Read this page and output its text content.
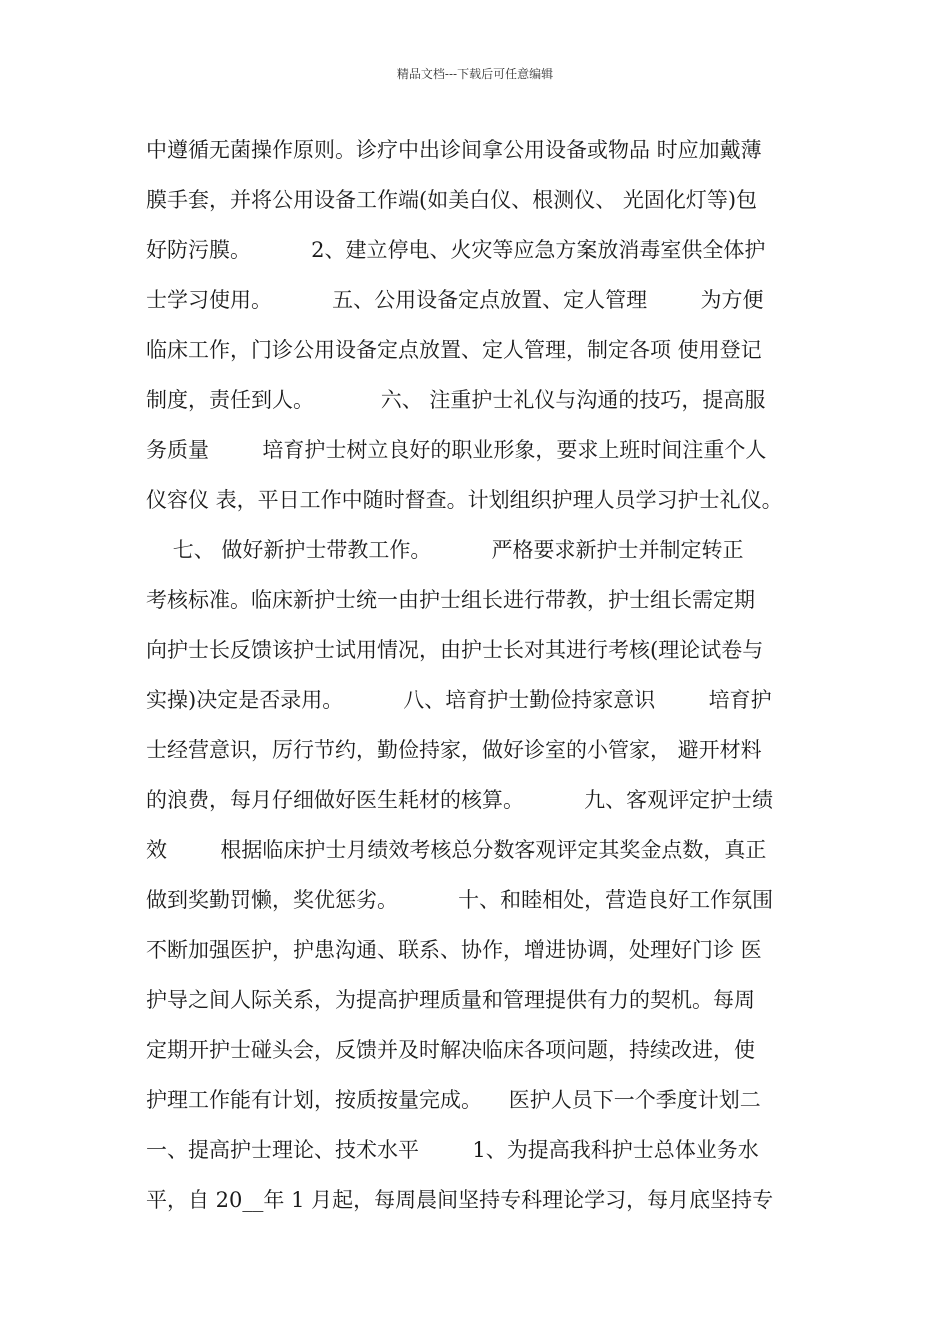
精品文档---下载后可任意编辑
中遵循无菌操作原则。诊疗中出诊间拿公用设备或物品 时应加戴薄
膜手套，并将公用设备工作端(如美白仪、根测仪、 光固化灯等)包
好防污膜。         2、建立停电、火灾等应急方案放消毒室供全体护
士学习使用。         五、公用设备定点放置、定人管理        为方便
临床工作，门诊公用设备定点放置、定人管理，制定各项 使用登记
制度，责任到人。          六、 注重护士礼仪与沟通的技巧，提高服
务质量        培育护士树立良好的职业形象，要求上班时间注重个人
仪容仪 表，平日工作中随时督查。计划组织护理人员学习护士礼仪。
七、 做好新护士带教工作。         严格要求新护士并制定转正
考核标准。临床新护士统一由护士组长进行带教，护士组长需定期
向护士长反馈该护士试用情况，由护士长对其进行考核(理论试卷与
实操)决定是否录用。         八、培育护士勤俭持家意识        培育护
士经营意识，厉行节约，勤俭持家，做好诊室的小管家， 避开材料
的浪费，每月仔细做好医生耗材的核算。         九、客观评定护士绩
效        根据临床护士月绩效考核总分数客观评定其奖金点数，真正
做到奖勤罚懒，奖优惩劣。         十、和睦相处，营造良好工作氛围
不断加强医护，护患沟通、联系、协作，增进协调，处理好门诊 医
护导之间人际关系，为提高护理质量和管理提供有力的契机。每周
定期开护士碰头会，反馈并及时解决临床各项问题，持续改进，使
护理工作能有计划，按质按量完成。    医护人员下一个季度计划二
一、提高护士理论、技术水平        1、为提高我科护士总体业务水
平，自 20__年 1 月起，每周晨间坚持专科理论学习，每月底坚持专
